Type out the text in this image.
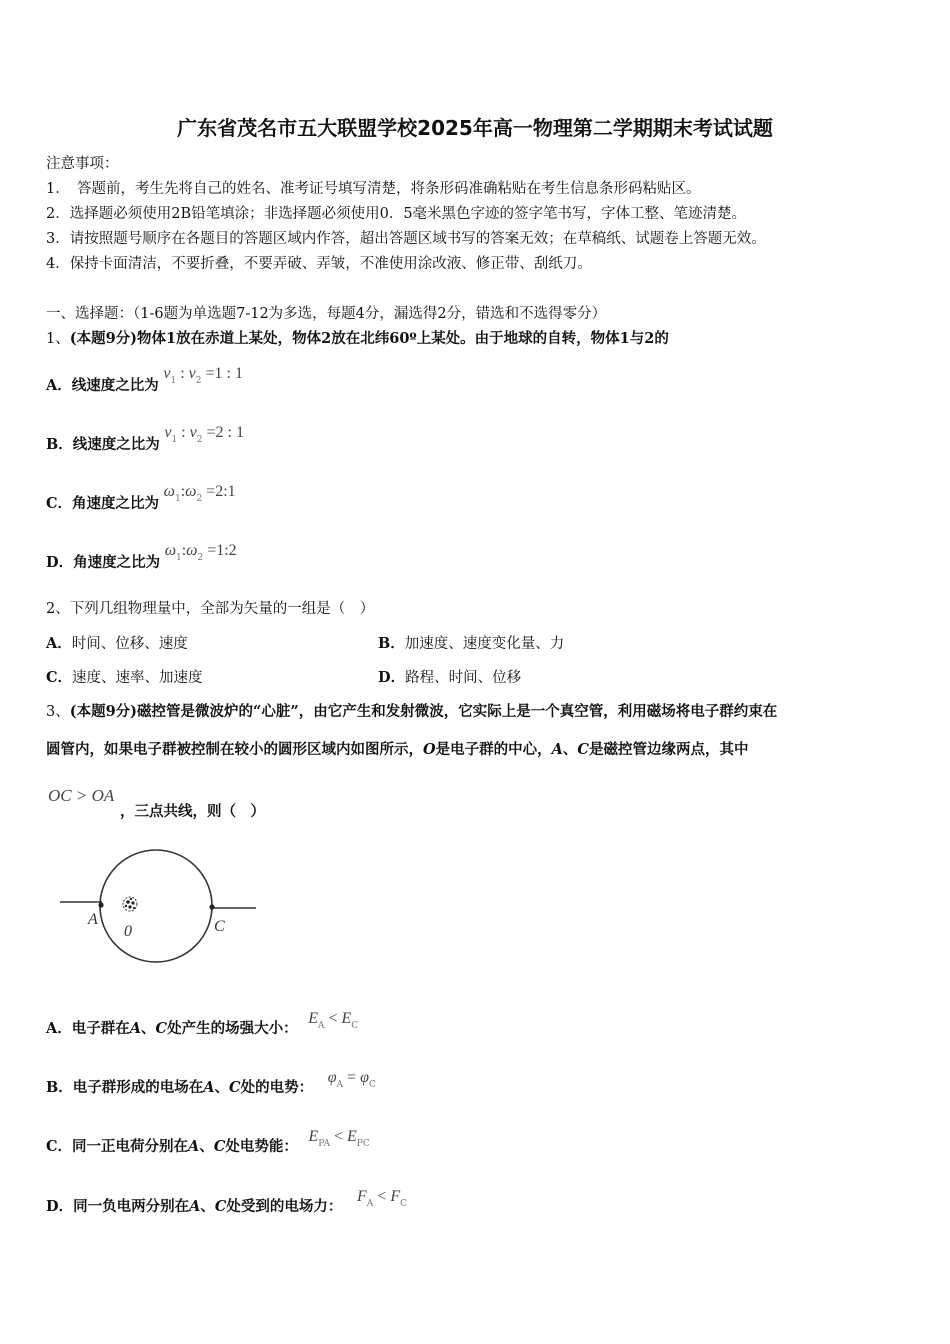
广东省茂名市五大联盟学校2025年高一物理第二学期期末考试试题
注意事项：
1．　答题前，考生先将自己的姓名、准考证号填写清楚，将条形码准确粘贴在考生信息条形码粘贴区。
2．选择题必须使用2B铅笔填涂；非选择题必须使用0．5毫米黑色字迹的签字笔书写，字体工整、笔迹清楚。
3．请按照题号顺序在各题目的答题区域内作答，超出答题区域书写的答案无效；在草稿纸、试题卷上答题无效。
4．保持卡面清洁，不要折叠，不要弄破、弄皱，不准使用涂改液、修正带、刮纸刀。
一、选择题：（1-6题为单选题7-12为多选，每题4分，漏选得2分，错选和不选得零分）
1、(本题9分)物体1放在赤道上某处，物体2放在北纬60º上某处。由于地球的自转，物体1与2的
A．线速度之比为 $v_1$ : $v_2 =1$ : 1
B．线速度之比为 $v_1$ : $v_2 =2$ : 1
C．角速度之比为 $\omega_1:\omega_2$ =2:1
D．角速度之比为 $\omega_1:\omega_2$ =1:2
2、下列几组物理量中，全部为矢量的一组是（　）
A．时间、位移、速度	B．加速度、速度变化量、力
C．速度、速率、加速度	D．路程、时间、位移
3、(本题9分)磁控管是微波炉的“心脏”，由它产生和发射微波，它实际上是一个真空管，利用磁场将电子群约束在
圆管内，如果电子群被控制在较小的圆形区域内如图所示，O是电子群的中心，A、C是磁控管边缘两点，其中
OC > OA
，三点共线，则（　）
A
0	C
A．电子群在A、C处产生的场强大小： $E_A < E_C$
B．电子群形成的电场在A、C处的电势： $\varphi_A = \varphi_C$
C．同一正电荷分别在A、C处电势能： $E_{PA} < E_{PC}$
D．同一负电两分别在A、C处受到的电场力： $F_A < F_C$
